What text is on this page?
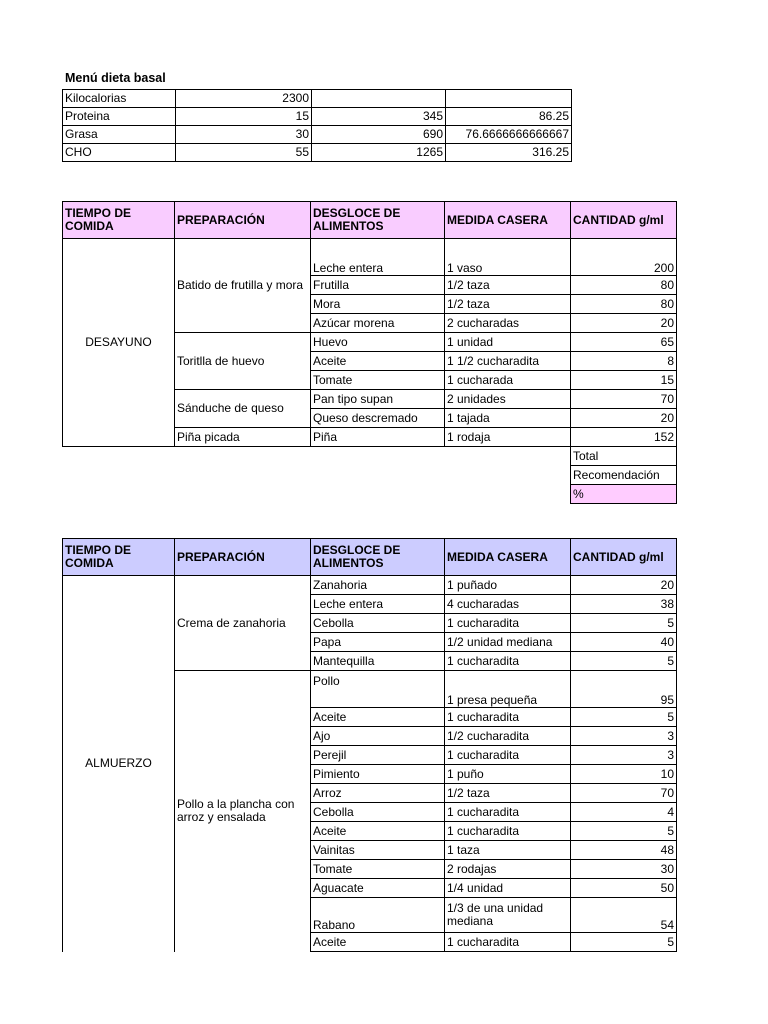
Menú dieta basal
Kilocalorias	2300		
Proteina	15	345	86.25
Grasa	30	690	76.6666666666667
CHO	55	1265	316.25
TIEMPO DE COMIDA	PREPARACIÓN	DESGLOCE DE ALIMENTOS	MEDIDA CASERA	CANTIDAD g/ml
DESAYUNO	Batido de frutilla y mora	Leche entera	1 vaso	200
		Frutilla	1/2 taza	80
		Mora	1/2 taza	80
		Azúcar morena	2 cucharadas	20
	Toritlla de huevo	Huevo	1 unidad	65
		Aceite	1 1/2 cucharadita	8
		Tomate	1 cucharada	15
	Sánduche de queso	Pan tipo supan	2 unidades	70
		Queso descremado	1 tajada	20
	Piña picada	Piña	1 rodaja	152
				Total
				Recomendación
				%
TIEMPO DE COMIDA	PREPARACIÓN	DESGLOCE DE ALIMENTOS	MEDIDA CASERA	CANTIDAD g/ml
ALMUERZO	Crema de zanahoria	Zanahoria	1 puñado	20
		Leche entera	4 cucharadas	38
		Cebolla	1 cucharadita	5
		Papa	1/2 unidad mediana	40
		Mantequilla	1 cucharadita	5
	Pollo a la plancha con arroz y ensalada	Pollo	1 presa pequeña	95
		Aceite	1 cucharadita	5
		Ajo	1/2 cucharadita	3
		Perejil	1 cucharadita	3
		Pimiento	1 puño	10
		Arroz	1/2 taza	70
		Cebolla	1 cucharadita	4
		Aceite	1 cucharadita	5
		Vainitas	1 taza	48
		Tomate	2 rodajas	30
		Aguacate	1/4 unidad	50
		Rabano	1/3 de una unidad mediana	54
		Aceite	1 cucharadita	5
